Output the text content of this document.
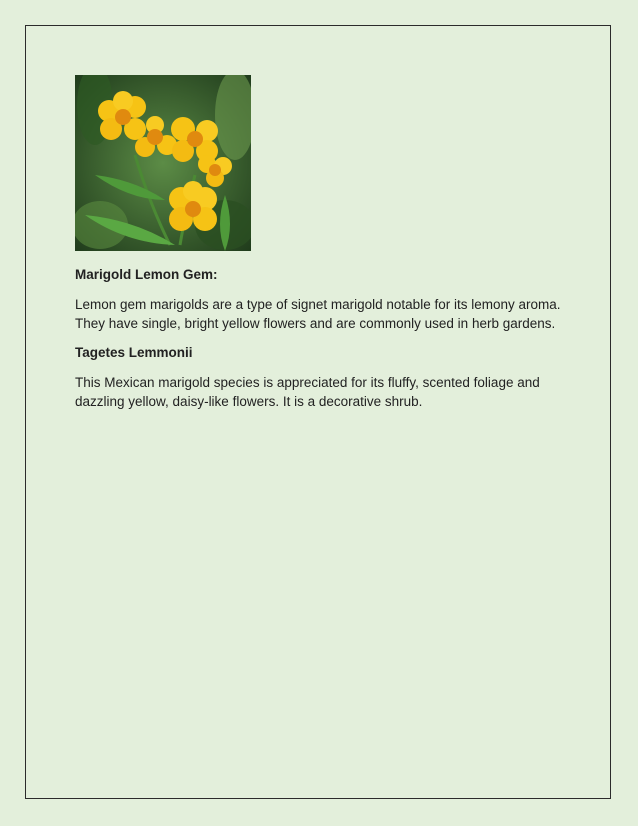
Marigold Lemon Gem:
Lemon gem marigolds are a type of signet marigold notable for its lemony aroma.
They have single, bright yellow flowers and are commonly used in herb gardens.
Tagetes Lemmonii
This Mexican marigold species is appreciated for its fluffy, scented foliage and
dazzling yellow, daisy-like flowers. It is a decorative shrub.
